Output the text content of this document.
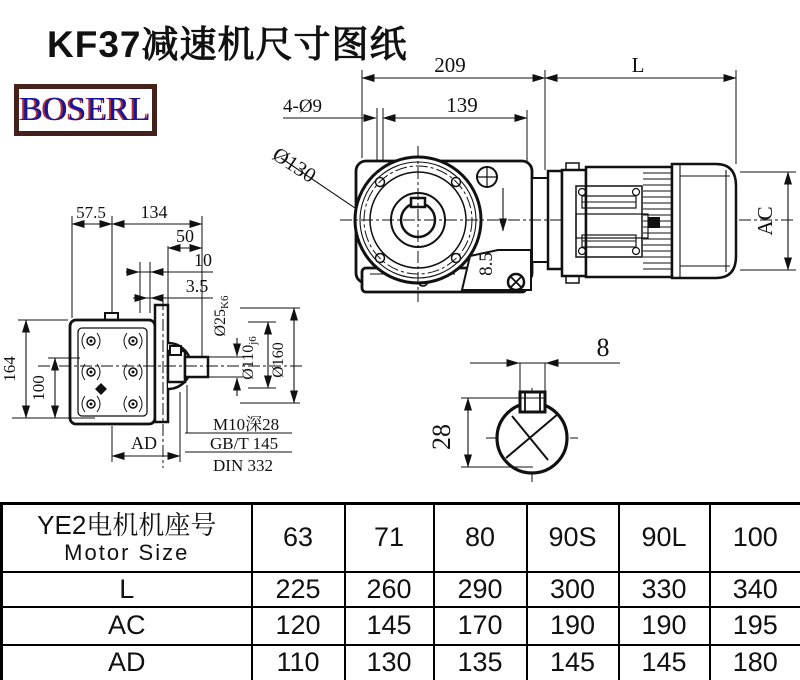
KF37减速机尺寸图纸
BOSERL
209	L
139
4-Ø9
Ø130
8.5
AC
57.5 134
50
10
3.5
164
100
AD
Ø25K6
Ø110j6
Ø160
M10深28
GB/T 145
DIN 332
8
28
YE2电机机座号
Motor Size	63	71	80	90S	90L	100
L	225	260	290	300	330	340
AC	120	145	170	190	190	195
AD	110	130	135	145	145	180
